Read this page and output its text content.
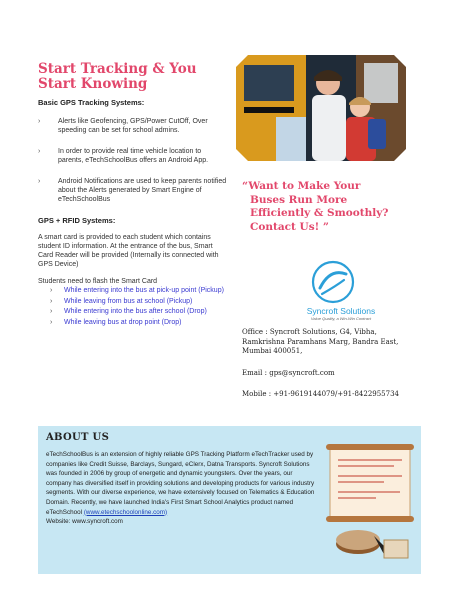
Start Tracking & You
Start Knowing
Basic GPS Tracking Systems:
›	Alerts like Geofencing, GPS/Power CutOff, Over speeding can be set for school admins.
›	In order to provide real time vehicle location to parents, eTechSchoolBus offers an Android App.
›	Android Notifications are used to keep parents notified about the Alerts generated by Smart Engine of eTechSchoolBus
GPS + RFID Systems:
A smart card is provided to each student which contains student ID information. At the entrance of the bus, Smart Card Reader will be provided (Internally its connected with GPS Device)
Students need to flash the Smart Card
› While entering into the bus at pick-up point (Pickup)
› While leaving from bus at school (Pickup)
› While entering into the bus after school (Drop)
› While leaving bus at drop point (Drop)
“Want to Make Your
Buses Run More
Efficiently & Smoothly?
Contact Us! ”
Syncroft Solutions
Value Quality, a Win-Win Contract
Office : Syncroft Solutions, G4, Vibha,
Ramkrishna Paramhans Marg, Bandra East,
Mumbai 400051,
Email : gps@syncroft.com
Mobile : +91-9619144079/+91-8422955734
ABOUT US
eTechSchoolBus is an extension of highly reliable GPS Tracking Platform eTechTracker used by companies like Credit Suisse, Barclays, Sungard, eClerx, Datna Transports. Syncroft Solutions was founded in 2006 by group of energetic and dynamic youngsters. Over the years, our company has diversified itself in providing solutions and developing products for various industry segments. With our diverse experience, we have extensively focused on Telematics & Education Domain. Recently, we have launched India's First Smart School Analytics product named eTechSchool (www.etechschoolonline.com)
Website: www.syncroft.com
